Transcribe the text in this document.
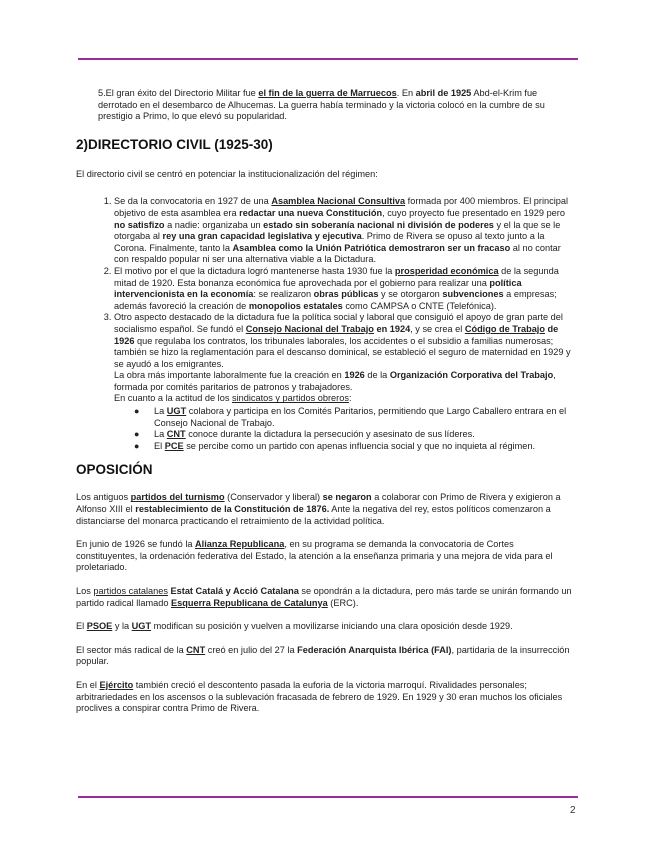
5.El gran éxito del Directorio Militar fue el fin de la guerra de Marruecos. En abril de 1925 Abd-el-Krim fue derrotado en el desembarco de Alhucemas. La guerra había terminado y la victoria colocó en la cumbre de su prestigio a Primo, lo que elevó su popularidad.

2)DIRECTORIO CIVIL (1925-30)

El directorio civil se centró en potenciar la institucionalización del régimen:

1. Se da la convocatoria en 1927 de una Asamblea Nacional Consultiva formada por 400 miembros. El principal objetivo de esta asamblea era redactar una nueva Constitución, cuyo proyecto fue presentado en 1929 pero no satisfizo a nadie: organizaba un estado sin soberanía nacional ni división de poderes y el la que se le otorgaba al rey una gran capacidad legislativa y ejecutiva. Primo de Rivera se opuso al texto junto a la Corona. Finalmente, tanto la Asamblea como la Unión Patriótica demostraron ser un fracaso al no contar con respaldo popular ni ser una alternativa viable a la Dictadura.
2. El motivo por el que la dictadura logró mantenerse hasta 1930 fue la prosperidad económica de la segunda mitad de 1920. Esta bonanza económica fue aprovechada por el gobierno para realizar una política intervencionista en la economía: se realizaron obras públicas y se otorgaron subvenciones a empresas; además favoreció la creación de monopolios estatales como CAMPSA o CNTE (Telefónica).
3. Otro aspecto destacado de la dictadura fue la política social y laboral que consiguió el apoyo de gran parte del socialismo español. Se fundó el Consejo Nacional del Trabajo en 1924, y se crea el Código de Trabajo de 1926 que regulaba los contratos, los tribunales laborales, los accidentes o el subsidio a familias numerosas; también se hizo la reglamentación para el descanso dominical, se estableció el seguro de maternidad en 1929 y se ayudó a los emigrantes.
La obra más importante laboralmente fue la creación en 1926 de la Organización Corporativa del Trabajo, formada por comités paritarios de patronos y trabajadores.
En cuanto a la actitud de los sindicatos y partidos obreros:
● La UGT colabora y participa en los Comités Paritarios, permitiendo que Largo Caballero entrara en el Consejo Nacional de Trabajo.
● La CNT conoce durante la dictadura la persecución y asesinato de sus líderes.
● El PCE se percibe como un partido con apenas influencia social y que no inquieta al régimen.
OPOSICIÓN

Los antiguos partidos del turnismo (Conservador y liberal) se negaron a colaborar con Primo de Rivera y exigieron a Alfonso XIII el restablecimiento de la Constitución de 1876. Ante la negativa del rey, estos políticos comenzaron a distanciarse del monarca practicando el retraimiento de la actividad política.

En junio de 1926 se fundó la Alianza Republicana, en su programa se demanda la convocatoria de Cortes constituyentes, la ordenación federativa del Estado, la atención a la enseñanza primaria y una mejora de vida para el proletariado.

Los partidos catalanes Estat Catalá y Acció Catalana se opondrán a la dictadura, pero más tarde se unirán formando un partido radical llamado Esquerra Republicana de Catalunya (ERC).

El PSOE y la UGT modifican su posición y vuelven a movilizarse iniciando una clara oposición desde 1929.

El sector más radical de la CNT creó en julio del 27 la Federación Anarquista Ibérica (FAI), partidaria de la insurrección popular.

En el Ejército también creció el descontento pasada la euforia de la victoria marroquí. Rivalidades personales; arbitrariedades en los ascensos o la sublevación fracasada de febrero de 1929. En 1929 y 30 eran muchos los oficiales proclives a conspirar contra Primo de Rivera.

2
